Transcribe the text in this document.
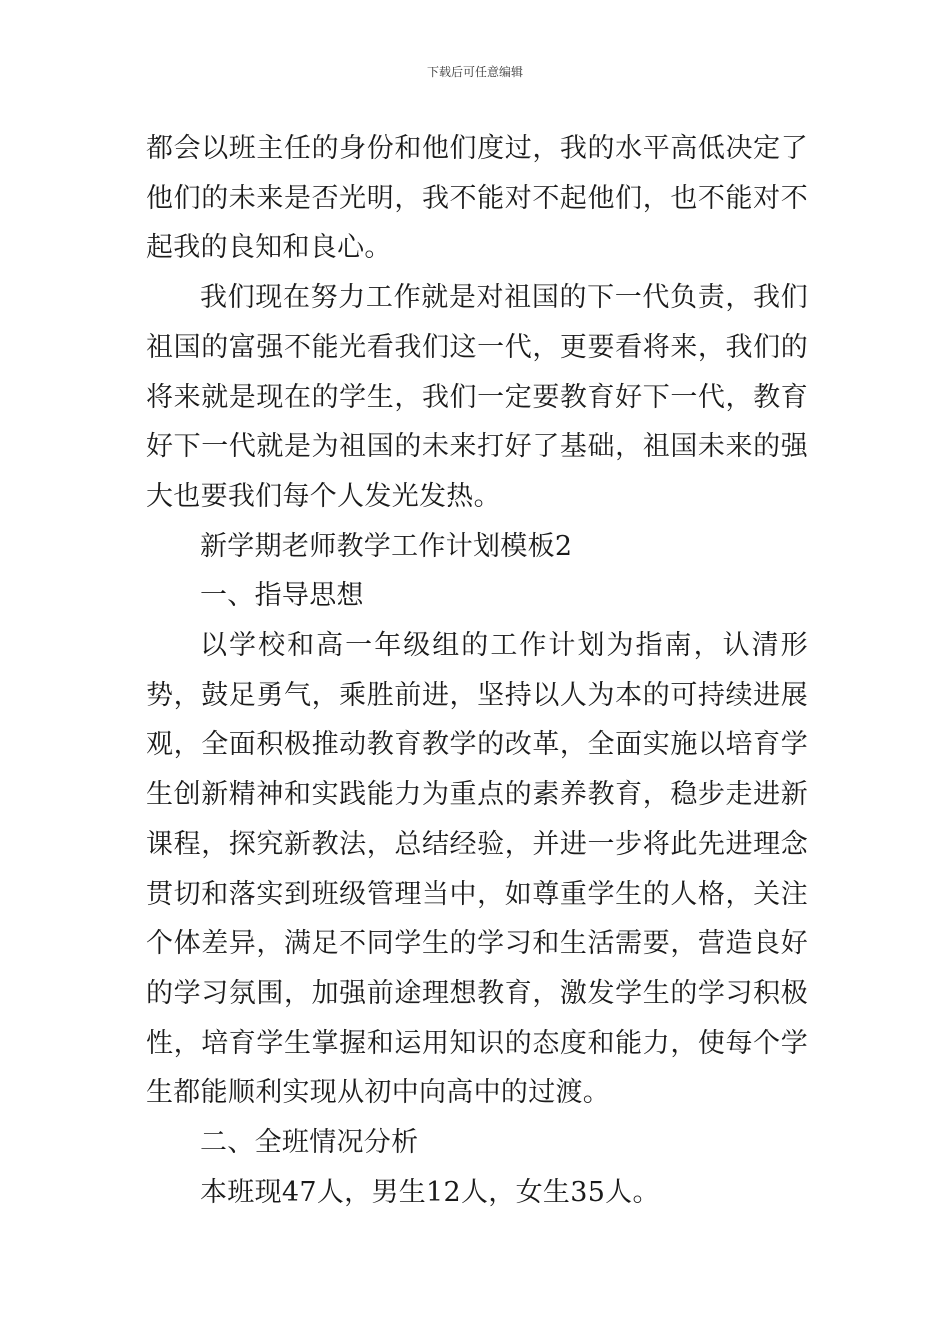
下载后可任意编辑

都会以班主任的身份和他们度过，我的水平高低决定了他们的未来是否光明，我不能对不起他们，也不能对不起我的良知和良心。

我们现在努力工作就是对祖国的下一代负责，我们祖国的富强不能光看我们这一代，更要看将来，我们的将来就是现在的学生，我们一定要教育好下一代，教育好下一代就是为祖国的未来打好了基础，祖国未来的强大也要我们每个人发光发热。

新学期老师教学工作计划模板2

一、指导思想

以学校和高一年级组的工作计划为指南，认清形势，鼓足勇气，乘胜前进，坚持以人为本的可持续进展观，全面积极推动教育教学的改革，全面实施以培育学生创新精神和实践能力为重点的素养教育，稳步走进新课程，探究新教法，总结经验，并进一步将此先进理念贯切和落实到班级管理当中，如尊重学生的人格，关注个体差异，满足不同学生的学习和生活需要，营造良好的学习氛围，加强前途理想教育，激发学生的学习积极性，培育学生掌握和运用知识的态度和能力，使每个学生都能顺利实现从初中向高中的过渡。

二、全班情况分析

本班现47人，男生12人，女生35人。
